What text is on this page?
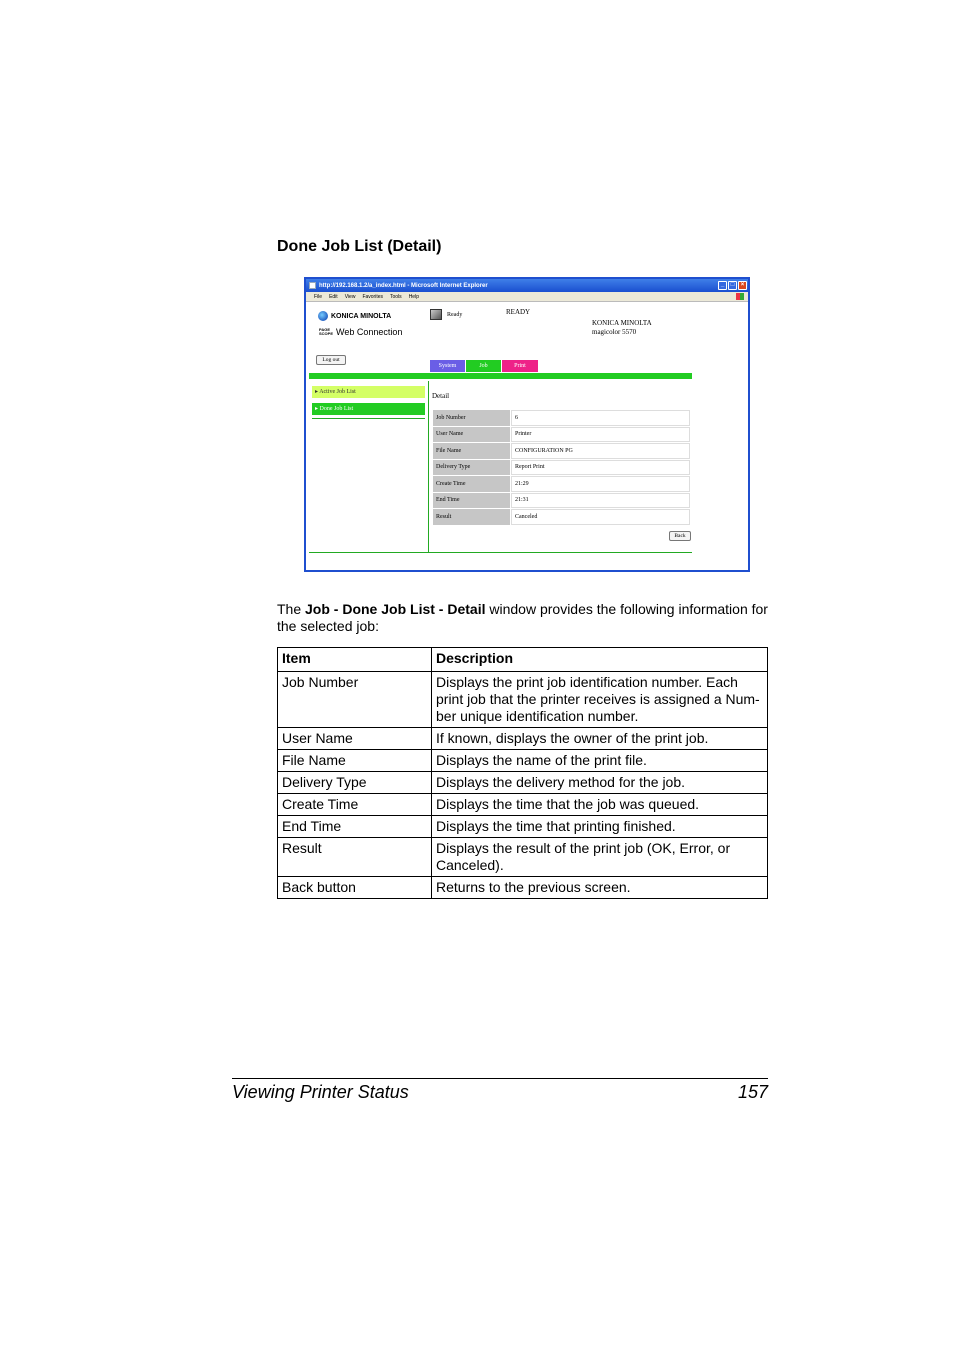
Done Job List (Detail)
http://192.168.1.2/a_index.html - Microsoft Internet Explorer	_	□	×
File Edit View Favorites Tools Help
KONICA MINOLTA
PAGE SCOPE Web Connection
Ready	READY
KONICA MINOLTA
magicolor 5570
Log out
System	Job	Print
▸ Active Job List
▸ Done Job List
Detail
Job Number	6
User Name	Printer
File Name	CONFIGURATION PG
Delivery Type	Report Print
Create Time	21:29
End Time	21:31
Result	Canceled
Back

The Job - Done Job List - Detail window provides the following information for the selected job:

Item	Description
Job Number	Displays the print job identification number. Each print job that the printer receives is assigned a Num-ber unique identification number.
User Name	If known, displays the owner of the print job.
File Name	Displays the name of the print file.
Delivery Type	Displays the delivery method for the job.
Create Time	Displays the time that the job was queued.
End Time	Displays the time that printing finished.
Result	Displays the result of the print job (OK, Error, or Canceled).
Back button	Returns to the previous screen.
Viewing Printer Status	157
